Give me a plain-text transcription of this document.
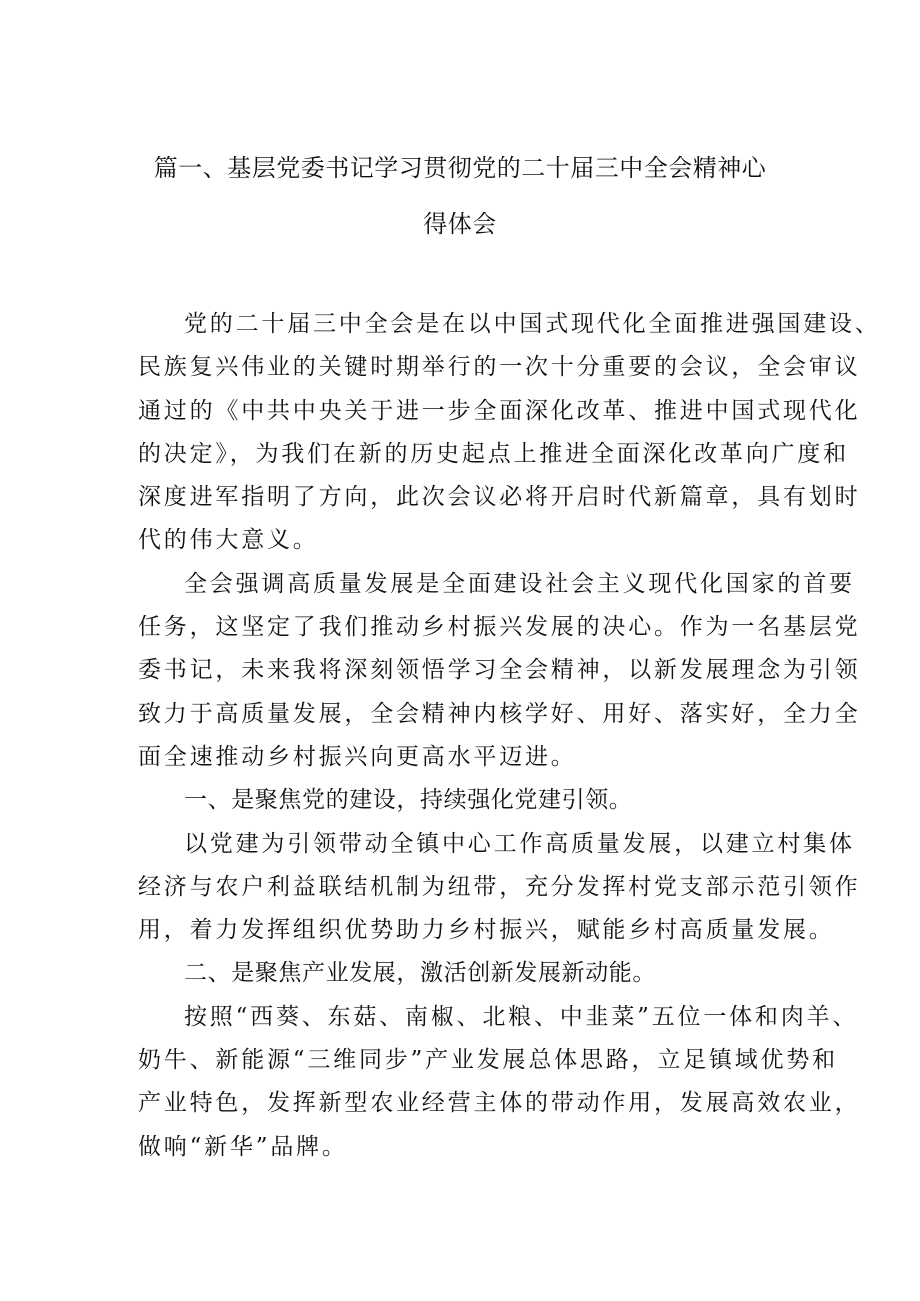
篇一、基层党委书记学习贯彻党的二十届三中全会精神心
得体会
党的二十届三中全会是在以中国式现代化全面推进强国建设、
民族复兴伟业的关键时期举行的一次十分重要的会议，全会审议
通过的《中共中央关于进一步全面深化改革、推进中国式现代化
的决定》，为我们在新的历史起点上推进全面深化改革向广度和
深度进军指明了方向，此次会议必将开启时代新篇章，具有划时
代的伟大意义。
全会强调高质量发展是全面建设社会主义现代化国家的首要
任务，这坚定了我们推动乡村振兴发展的决心。作为一名基层党
委书记，未来我将深刻领悟学习全会精神，以新发展理念为引领
致力于高质量发展，全会精神内核学好、用好、落实好，全力全
面全速推动乡村振兴向更高水平迈进。
一、是聚焦党的建设，持续强化党建引领。
以党建为引领带动全镇中心工作高质量发展，以建立村集体
经济与农户利益联结机制为纽带，充分发挥村党支部示范引领作
用，着力发挥组织优势助力乡村振兴，赋能乡村高质量发展。
二、是聚焦产业发展，激活创新发展新动能。
按照“西葵、东菇、南椒、北粮、中韭菜”五位一体和肉羊、
奶牛、新能源“三维同步”产业发展总体思路，立足镇域优势和
产业特色，发挥新型农业经营主体的带动作用，发展高效农业，
做响“新华”品牌。
